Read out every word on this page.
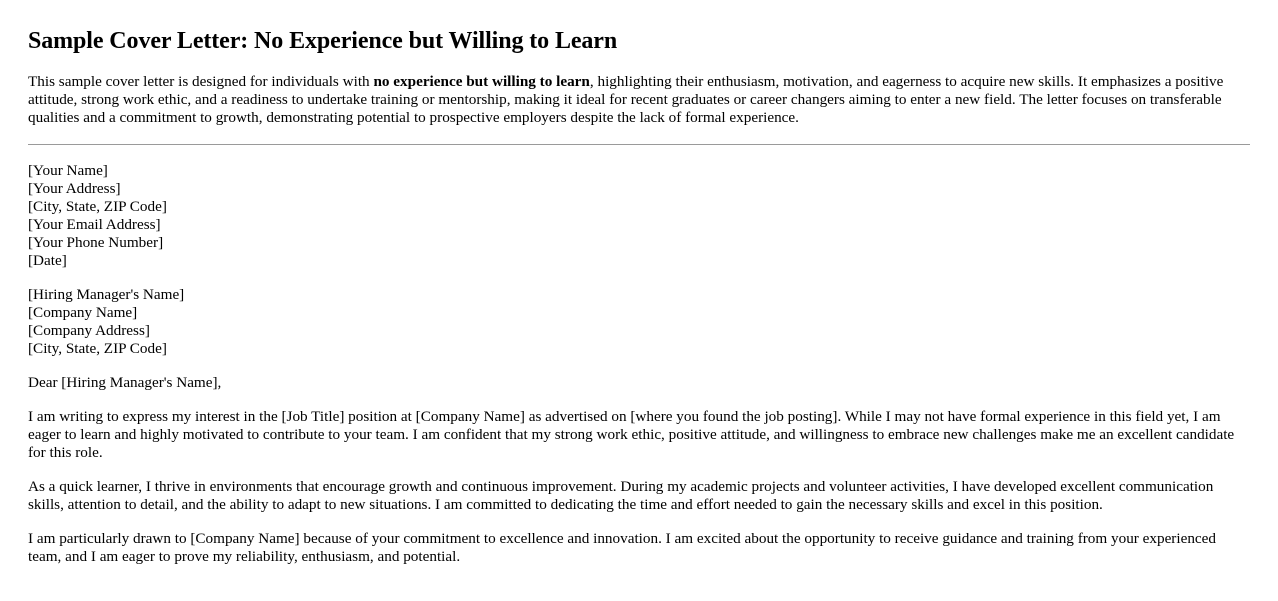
Sample Cover Letter: No Experience but Willing to Learn

This sample cover letter is designed for individuals with no experience but willing to learn, highlighting their enthusiasm, motivation, and eagerness to acquire new skills. It emphasizes a positive attitude, strong work ethic, and a readiness to undertake training or mentorship, making it ideal for recent graduates or career changers aiming to enter a new field. The letter focuses on transferable qualities and a commitment to growth, demonstrating potential to prospective employers despite the lack of formal experience.

[Your Name]
[Your Address]
[City, State, ZIP Code]
[Your Email Address]
[Your Phone Number]
[Date]
[Hiring Manager's Name]
[Company Name]
[Company Address]
[City, State, ZIP Code]

Dear [Hiring Manager's Name],

I am writing to express my interest in the [Job Title] position at [Company Name] as advertised on [where you found the job posting]. While I may not have formal experience in this field yet, I am eager to learn and highly motivated to contribute to your team. I am confident that my strong work ethic, positive attitude, and willingness to embrace new challenges make me an excellent candidate for this role.

As a quick learner, I thrive in environments that encourage growth and continuous improvement. During my academic projects and volunteer activities, I have developed excellent communication skills, attention to detail, and the ability to adapt to new situations. I am committed to dedicating the time and effort needed to gain the necessary skills and excel in this position.

I am particularly drawn to [Company Name] because of your commitment to excellence and innovation. I am excited about the opportunity to receive guidance and training from your experienced team, and I am eager to prove my reliability, enthusiasm, and potential.
